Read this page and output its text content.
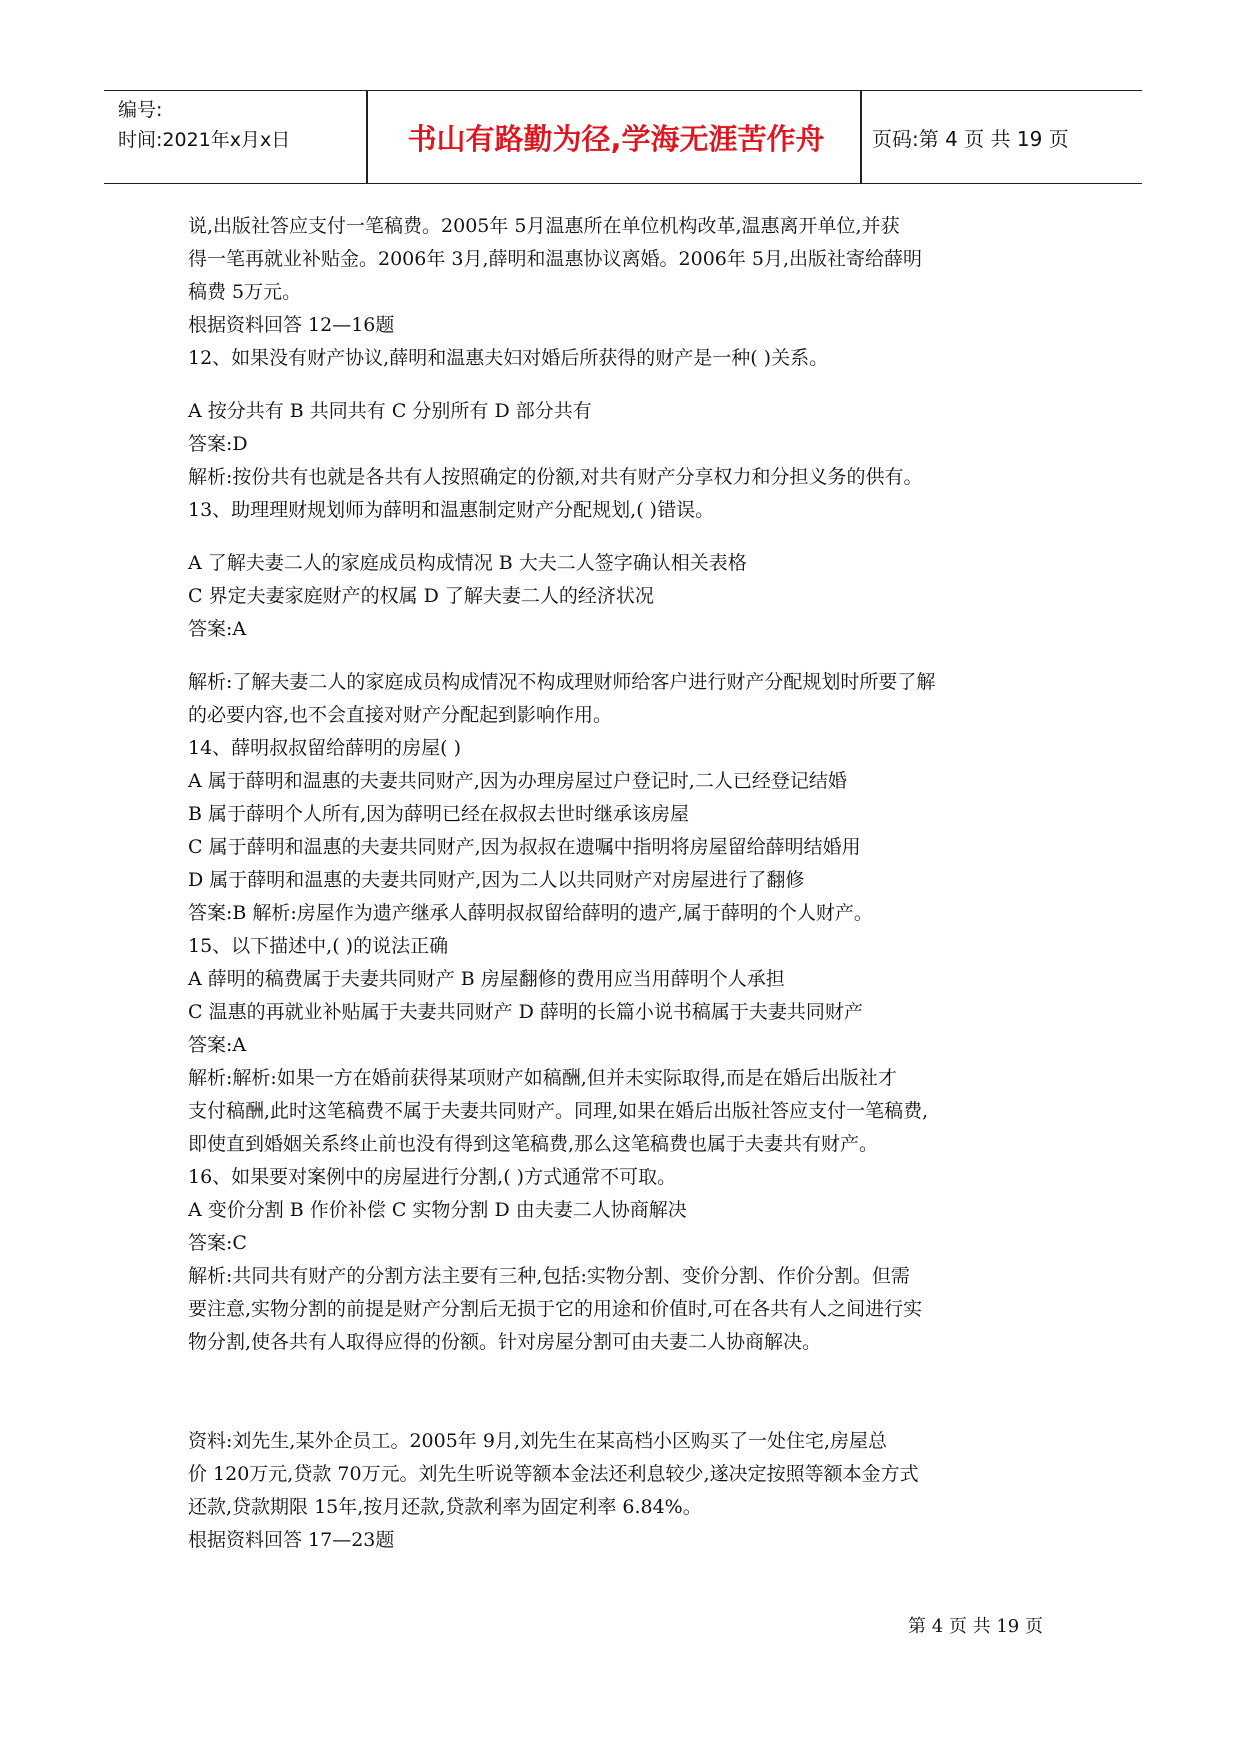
编号:
时间:2021年x月x日	书山有路勤为径,学海无涯苦作舟	页码:第 4 页 共 19 页

说,出版社答应支付一笔稿费。2005年 5月温惠所在单位机构改革,温惠离开单位,并获

得一笔再就业补贴金。2006年 3月,薛明和温惠协议离婚。2006年 5月,出版社寄给薛明

稿费 5万元。

根据资料回答 12—16题

12、如果没有财产协议,薛明和温惠夫妇对婚后所获得的财产是一种( )关系。

A 按分共有 B 共同共有 C 分别所有 D 部分共有

答案:D

解析:按份共有也就是各共有人按照确定的份额,对共有财产分享权力和分担义务的供有。

13、助理理财规划师为薛明和温惠制定财产分配规划,( )错误。

A 了解夫妻二人的家庭成员构成情况 B 大夫二人签字确认相关表格

C 界定夫妻家庭财产的权属 D 了解夫妻二人的经济状况

答案:A

解析:了解夫妻二人的家庭成员构成情况不构成理财师给客户进行财产分配规划时所要了解

的必要内容,也不会直接对财产分配起到影响作用。

14、薛明叔叔留给薛明的房屋( )

A 属于薛明和温惠的夫妻共同财产,因为办理房屋过户登记时,二人已经登记结婚

B 属于薛明个人所有,因为薛明已经在叔叔去世时继承该房屋

C 属于薛明和温惠的夫妻共同财产,因为叔叔在遗嘱中指明将房屋留给薛明结婚用

D 属于薛明和温惠的夫妻共同财产,因为二人以共同财产对房屋进行了翻修

答案:B 解析:房屋作为遗产继承人薛明叔叔留给薛明的遗产,属于薛明的个人财产。

15、以下描述中,( )的说法正确

A 薛明的稿费属于夫妻共同财产 B 房屋翻修的费用应当用薛明个人承担

C 温惠的再就业补贴属于夫妻共同财产 D 薛明的长篇小说书稿属于夫妻共同财产

答案:A

解析:解析:如果一方在婚前获得某项财产如稿酬,但并未实际取得,而是在婚后出版社才

支付稿酬,此时这笔稿费不属于夫妻共同财产。同理,如果在婚后出版社答应支付一笔稿费,

即使直到婚姻关系终止前也没有得到这笔稿费,那么这笔稿费也属于夫妻共有财产。

16、如果要对案例中的房屋进行分割,( )方式通常不可取。

A 变价分割 B 作价补偿 C 实物分割 D 由夫妻二人协商解决

答案:C

解析:共同共有财产的分割方法主要有三种,包括:实物分割、变价分割、作价分割。但需

要注意,实物分割的前提是财产分割后无损于它的用途和价值时,可在各共有人之间进行实

物分割,使各共有人取得应得的份额。针对房屋分割可由夫妻二人协商解决。

资料:刘先生,某外企员工。2005年 9月,刘先生在某高档小区购买了一处住宅,房屋总

价 120万元,贷款 70万元。刘先生听说等额本金法还利息较少,遂决定按照等额本金方式

还款,贷款期限 15年,按月还款,贷款利率为固定利率 6.84%。

根据资料回答 17—23题

第 4 页 共 19 页
